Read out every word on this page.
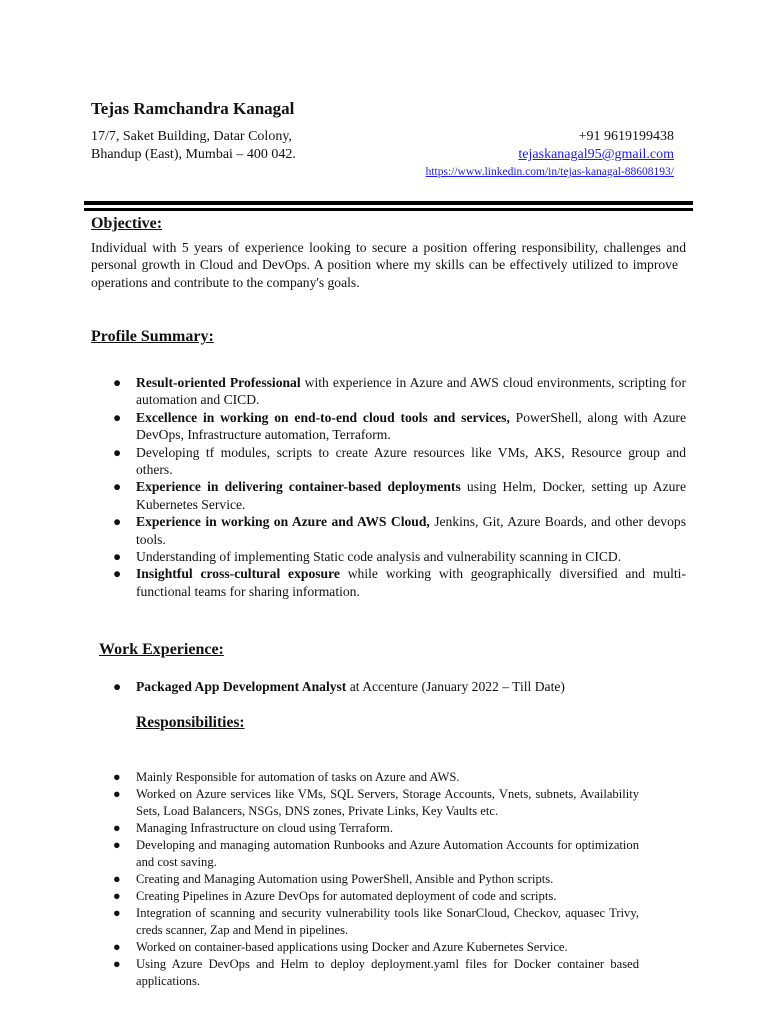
Tejas Ramchandra Kanagal
17/7, Saket Building, Datar Colony,
Bhandup (East), Mumbai – 400 042.
+91 9619199438
tejaskanagal95@gmail.com
https://www.linkedin.com/in/tejas-kanagal-88608193/
Objective:
Individual with 5 years of experience looking to secure a position offering responsibility, challenges and personal growth in Cloud and DevOps. A position where my skills can be effectively utilized to improve   operations and contribute to the company's goals.
Profile Summary:
● Result-oriented Professional with experience in Azure and AWS cloud environments, scripting for automation and CICD.
● Excellence in working on end-to-end cloud tools and services, PowerShell, along with Azure DevOps, Infrastructure automation, Terraform.
● Developing tf modules, scripts to create Azure resources like VMs, AKS, Resource group and others.
● Experience in delivering container-based deployments using Helm, Docker, setting up Azure Kubernetes Service.
● Experience in working on Azure and AWS Cloud, Jenkins, Git, Azure Boards, and other devops tools.
● Understanding of implementing Static code analysis and vulnerability scanning in CICD.
● Insightful cross-cultural exposure while working with geographically diversified and multi-functional teams for sharing information.
Work Experience:
● Packaged App Development Analyst at Accenture (January 2022 – Till Date)
Responsibilities:
● Mainly Responsible for automation of tasks on Azure and AWS.
● Worked on Azure services like VMs, SQL Servers, Storage Accounts, Vnets, subnets, Availability Sets, Load Balancers, NSGs, DNS zones, Private Links, Key Vaults etc.
● Managing Infrastructure on cloud using Terraform.
● Developing and managing automation Runbooks and Azure Automation Accounts for optimization and cost saving.
● Creating and Managing Automation using PowerShell, Ansible and Python scripts.
● Creating Pipelines in Azure DevOps for automated deployment of code and scripts.
● Integration of scanning and security vulnerability tools like SonarCloud, Checkov, aquasec Trivy, creds scanner, Zap and Mend in pipelines.
● Worked on container-based applications using Docker and Azure Kubernetes Service.
● Using Azure DevOps and Helm to deploy deployment.yaml files for Docker container based applications.
